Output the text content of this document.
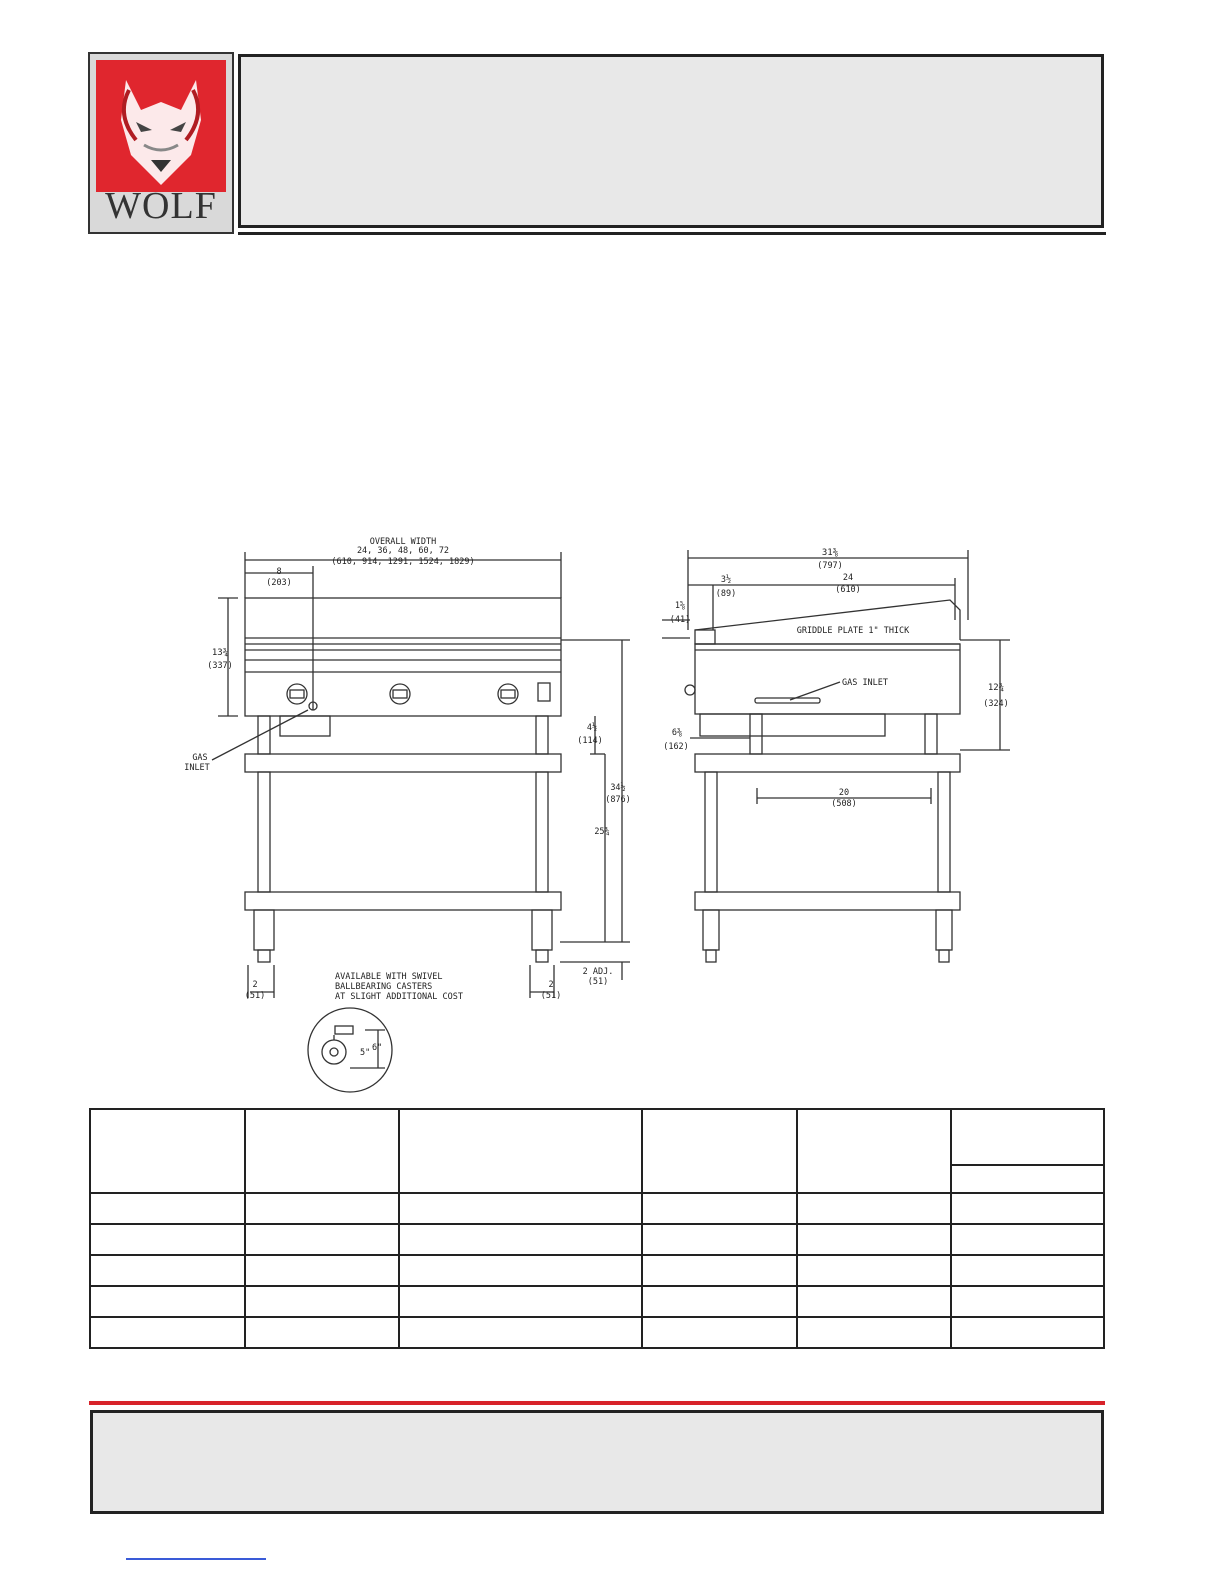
WOLF
OVERALL WIDTH
24, 36, 48, 60, 72
(610, 914, 1291, 1524, 1829)
8
(203)
13¾
(337)
GAS
INLET
4½
(114)
34½
(876)
25¾
2 ADJ.
(51)
2
(51)
2
(51)
AVAILABLE WITH SWIVEL
BALLBEARING CASTERS
AT SLIGHT ADDITIONAL COST
5" 6"
31⅜
(797)
3½
(89)
24
(610)
1⅝
(41)
GRIDDLE PLATE 1" THICK
GAS INLET	12¾
(324)
6⅜
(162)
20
(508)
